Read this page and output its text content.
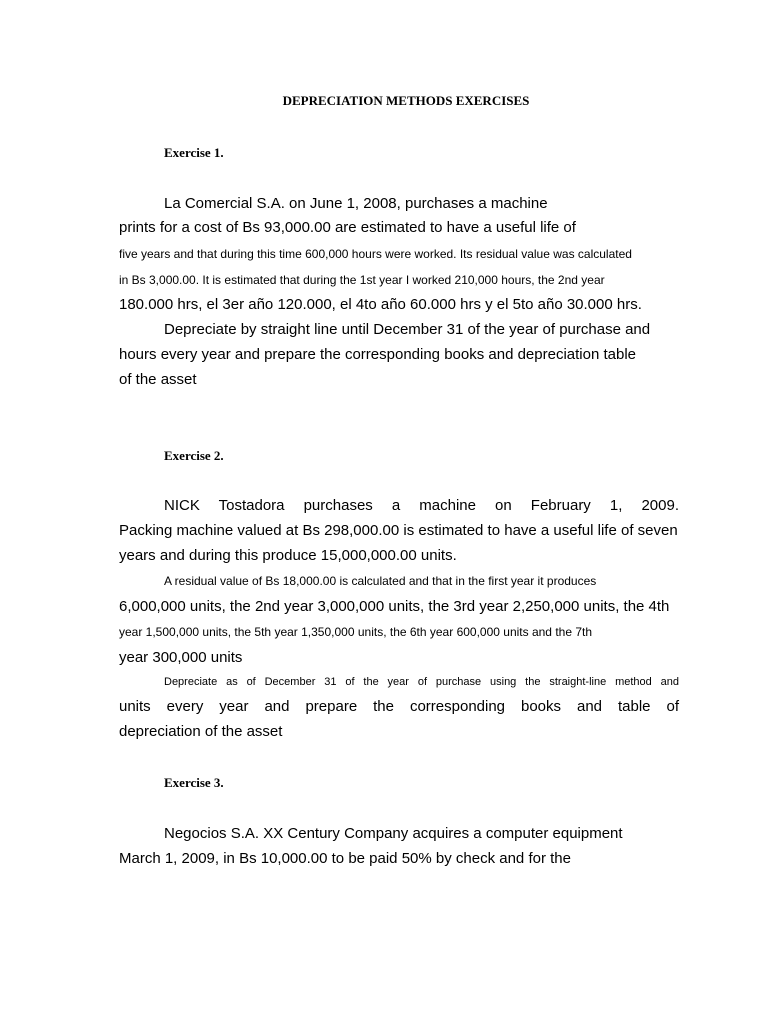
DEPRECIATION METHODS EXERCISES
Exercise 1.
La Comercial S.A. on June 1, 2008, purchases a machine
prints for a cost of Bs 93,000.00 are estimated to have a useful life of
five years and that during this time 600,000 hours were worked. Its residual value was calculated
in Bs 3,000.00. It is estimated that during the 1st year I worked 210,000 hours, the 2nd year
180.000 hrs, el 3er año 120.000, el 4to año 60.000 hrs y el 5to año 30.000 hrs.
Depreciate by straight line until December 31 of the year of purchase and
hours every year and prepare the corresponding books and depreciation table
of the asset
Exercise 2.
NICK Tostadora purchases a machine on February 1, 2009.
Packing machine valued at Bs 298,000.00 is estimated to have a useful life of seven
years and during this produce 15,000,000.00 units.
A residual value of Bs 18,000.00 is calculated and that in the first year it produces
6,000,000 units, the 2nd year 3,000,000 units, the 3rd year 2,250,000 units, the 4th
year 1,500,000 units, the 5th year 1,350,000 units, the 6th year 600,000 units and the 7th
year 300,000 units
Depreciate as of December 31 of the year of purchase using the straight-line method and
units every year and prepare the corresponding books and table of
depreciation of the asset
Exercise 3.
Negocios S.A. XX Century Company acquires a computer equipment
March 1, 2009, in Bs 10,000.00 to be paid 50% by check and for the
